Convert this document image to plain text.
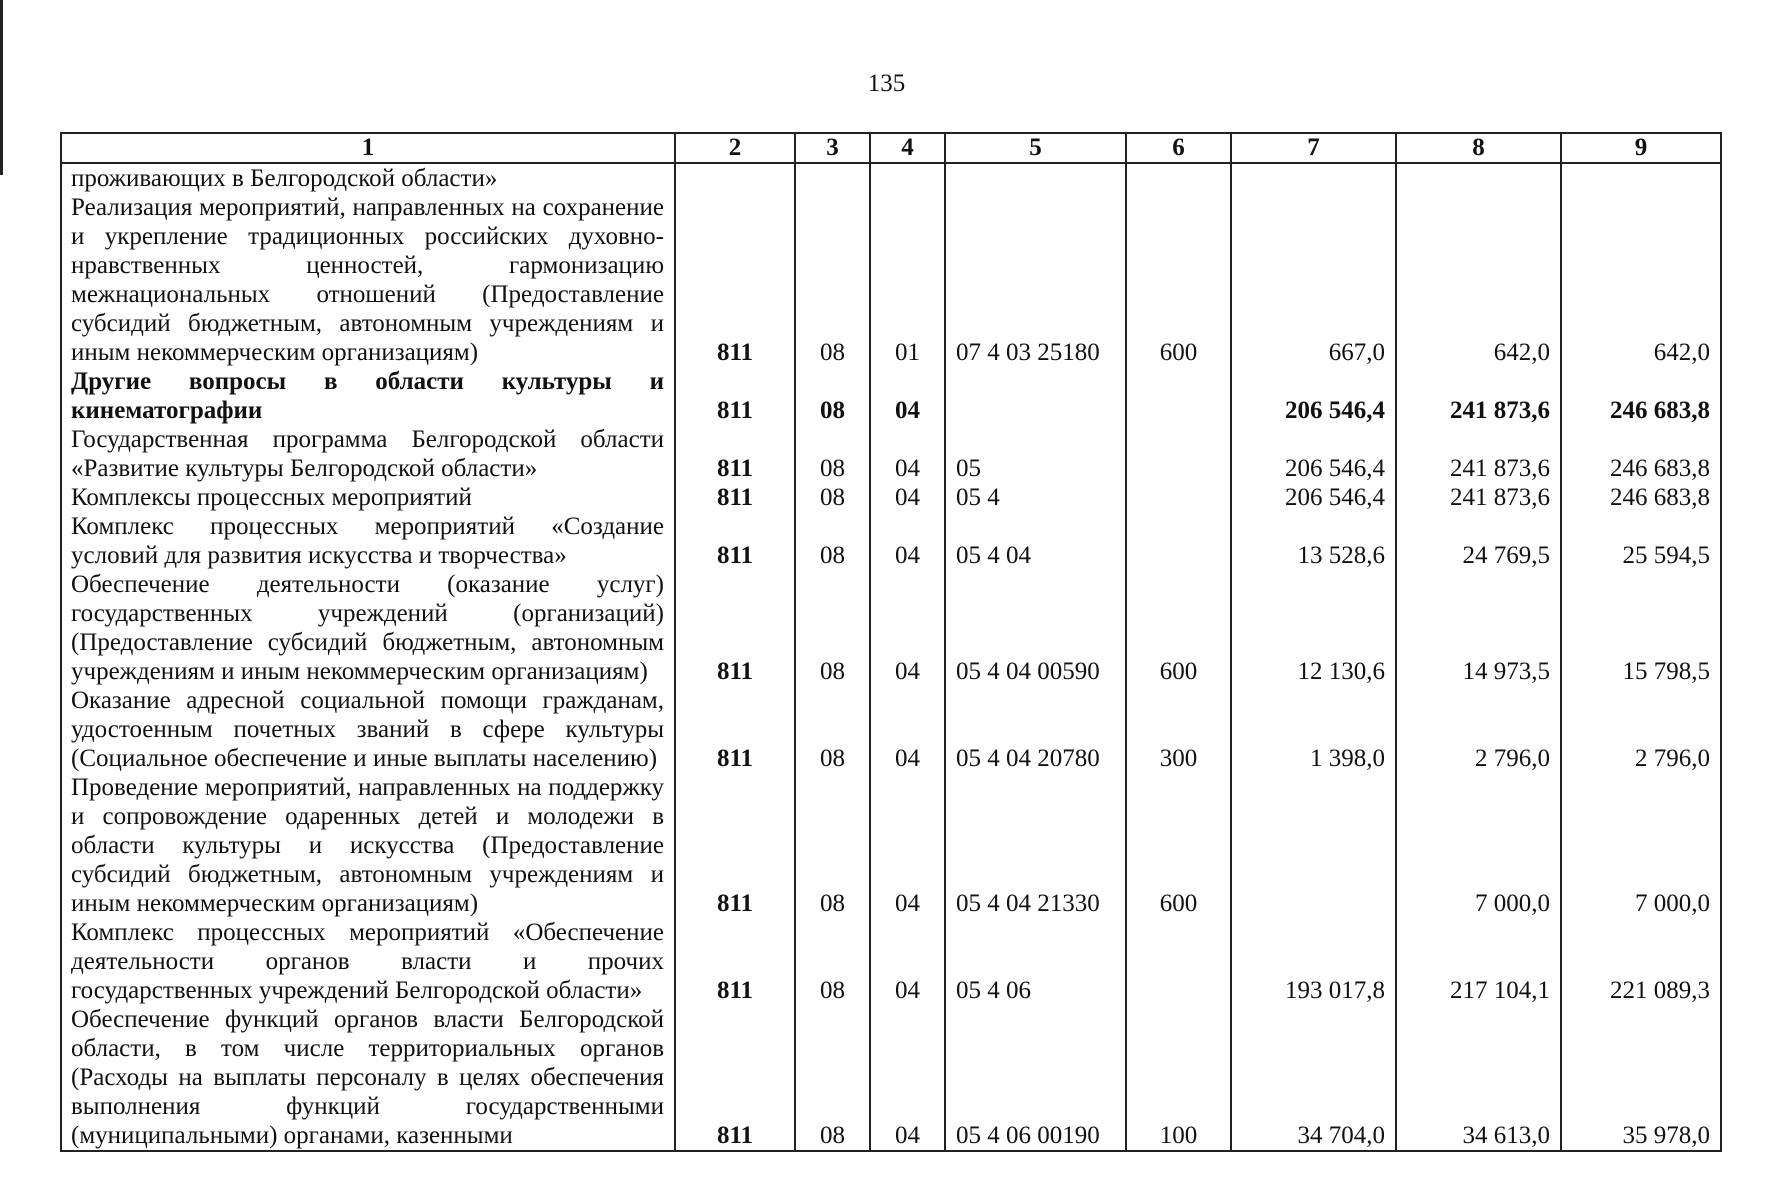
135
1	2	3	4	5	6	7	8	9
проживающих в Белгородской области»								
Реализация мероприятий, направленных на сохранение и укрепление традиционных российских духовно-нравственных ценностей, гармонизацию межнациональных отношений (Предоставление субсидий бюджетным, автономным учреждениям и иным некоммерческим организациям)	811	08	01	07 4 03 25180	600	667,0	642,0	642,0
Другие вопросы в области культуры и кинематографии	811	08	04			206 546,4	241 873,6	246 683,8
Государственная программа Белгородской области «Развитие культуры Белгородской области»	811	08	04	05		206 546,4	241 873,6	246 683,8
Комплексы процессных мероприятий	811	08	04	05 4		206 546,4	241 873,6	246 683,8
Комплекс процессных мероприятий «Создание условий для развития искусства и творчества»	811	08	04	05 4 04		13 528,6	24 769,5	25 594,5
Обеспечение деятельности (оказание услуг) государственных учреждений (организаций) (Предоставление субсидий бюджетным, автономным учреждениям и иным некоммерческим организациям)	811	08	04	05 4 04 00590	600	12 130,6	14 973,5	15 798,5
Оказание адресной социальной помощи гражданам, удостоенным почетных званий в сфере культуры (Социальное обеспечение и иные выплаты населению)	811	08	04	05 4 04 20780	300	1 398,0	2 796,0	2 796,0
Проведение мероприятий, направленных на поддержку и сопровождение одаренных детей и молодежи в области культуры и искусства (Предоставление субсидий бюджетным, автономным учреждениям и иным некоммерческим организациям)	811	08	04	05 4 04 21330	600		7 000,0	7 000,0
Комплекс процессных мероприятий «Обеспечение деятельности органов власти и прочих государственных учреждений Белгородской области»	811	08	04	05 4 06		193 017,8	217 104,1	221 089,3
Обеспечение функций органов власти Белгородской области, в том числе территориальных органов (Расходы на выплаты персоналу в целях обеспечения выполнения функций государственными (муниципальными) органами, казенными	811	08	04	05 4 06 00190	100	34 704,0	34 613,0	35 978,0
